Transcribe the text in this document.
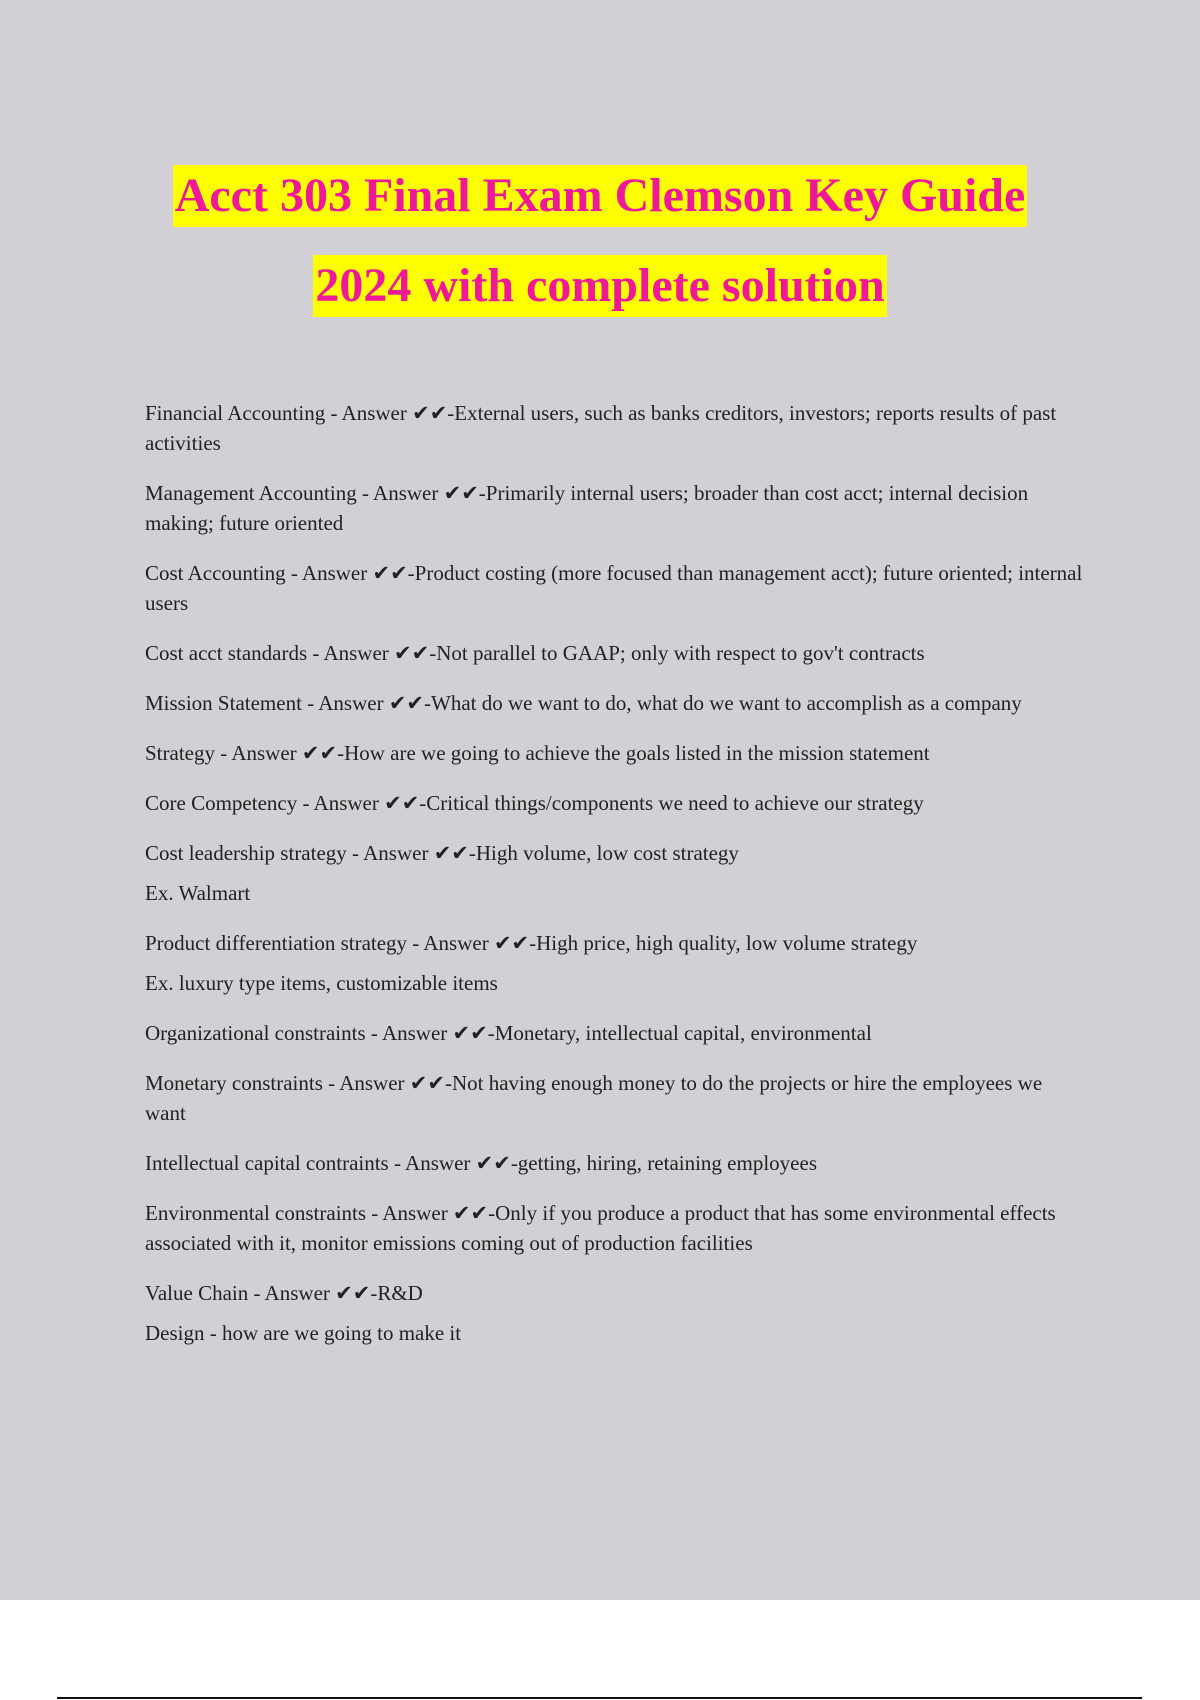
Acct 303 Final Exam Clemson Key Guide
2024 with complete solution
Financial Accounting - Answer ✔✔-External users, such as banks creditors, investors; reports results of past activities
Management Accounting - Answer ✔✔-Primarily internal users; broader than cost acct; internal decision making; future oriented
Cost Accounting - Answer ✔✔-Product costing (more focused than management acct); future oriented; internal users
Cost acct standards - Answer ✔✔-Not parallel to GAAP; only with respect to gov't contracts
Mission Statement - Answer ✔✔-What do we want to do, what do we want to accomplish as a company
Strategy - Answer ✔✔-How are we going to achieve the goals listed in the mission statement
Core Competency - Answer ✔✔-Critical things/components we need to achieve our strategy
Cost leadership strategy - Answer ✔✔-High volume, low cost strategy
Ex. Walmart
Product differentiation strategy - Answer ✔✔-High price, high quality, low volume strategy
Ex. luxury type items, customizable items
Organizational constraints - Answer ✔✔-Monetary, intellectual capital, environmental
Monetary constraints - Answer ✔✔-Not having enough money to do the projects or hire the employees we want
Intellectual capital contraints - Answer ✔✔-getting, hiring, retaining employees
Environmental constraints - Answer ✔✔-Only if you produce a product that has some environmental effects associated with it, monitor emissions coming out of production facilities
Value Chain - Answer ✔✔-R&D
Design - how are we going to make it
